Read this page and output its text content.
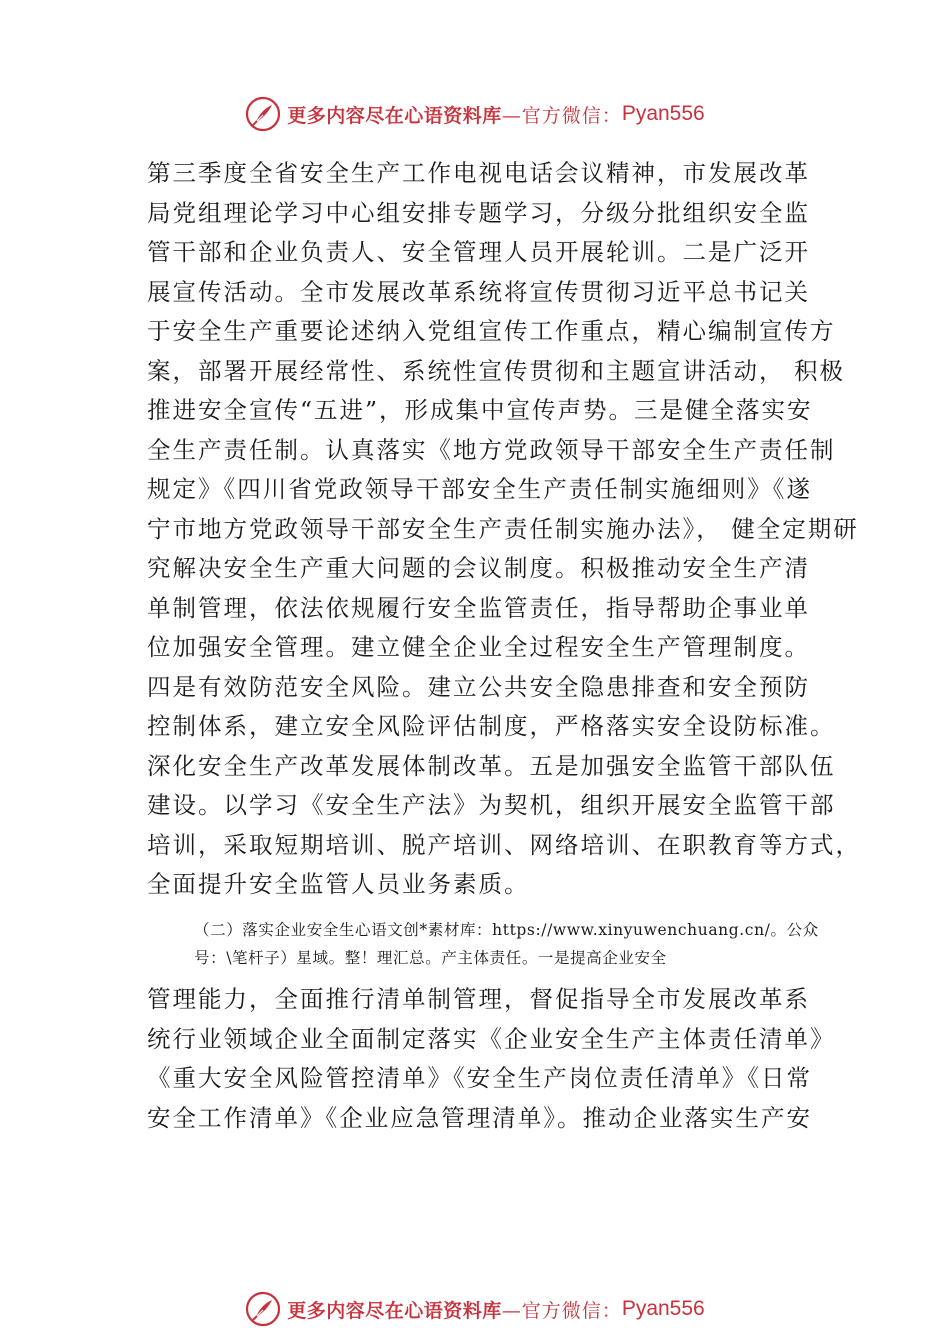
更多内容尽在心语资料库 —官方微信： Pyan556
第三季度全省安全生产工作电视电话会议精神，市发展改革
局党组理论学习中心组安排专题学习，分级分批组织安全监
管干部和企业负责人、安全管理人员开展轮训。二是广泛开
展宣传活动。全市发展改革系统将宣传贯彻习近平总书记关
于安全生产重要论述纳入党组宣传工作重点，精心编制宣传方
案，部署开展经常性、系统性宣传贯彻和主题宣讲活动， 积极
推进安全宣传“五进”，形成集中宣传声势。三是健全落实安
全生产责任制。认真落实《地方党政领导干部安全生产责任制
规定》《四川省党政领导干部安全生产责任制实施细则》《遂
宁市地方党政领导干部安全生产责任制实施办法》， 健全定期研
究解决安全生产重大问题的会议制度。积极推动安全生产清
单制管理，依法依规履行安全监管责任，指导帮助企事业单
位加强安全管理。建立健全企业全过程安全生产管理制度。
四是有效防范安全风险。建立公共安全隐患排查和安全预防
控制体系，建立安全风险评估制度，严格落实安全设防标准。
深化安全生产改革发展体制改革。五是加强安全监管干部队伍
建设。以学习《安全生产法》为契机，组织开展安全监管干部
培训，采取短期培训、脱产培训、网络培训、在职教育等方式，
全面提升安全监管人员业务素质。
（二）落实企业安全生心语文创*素材库：https://www.xinyuwenchuang.cn/。公众
号：\笔杆子）星域。整！理汇总。产主体责任。一是提高企业安全
管理能力，全面推行清单制管理，督促指导全市发展改革系
统行业领域企业全面制定落实《企业安全生产主体责任清单》
《重大安全风险管控清单》《安全生产岗位责任清单》《日常
安全工作清单》《企业应急管理清单》。推动企业落实生产安
更多内容尽在心语资料库 —官方微信： Pyan556
